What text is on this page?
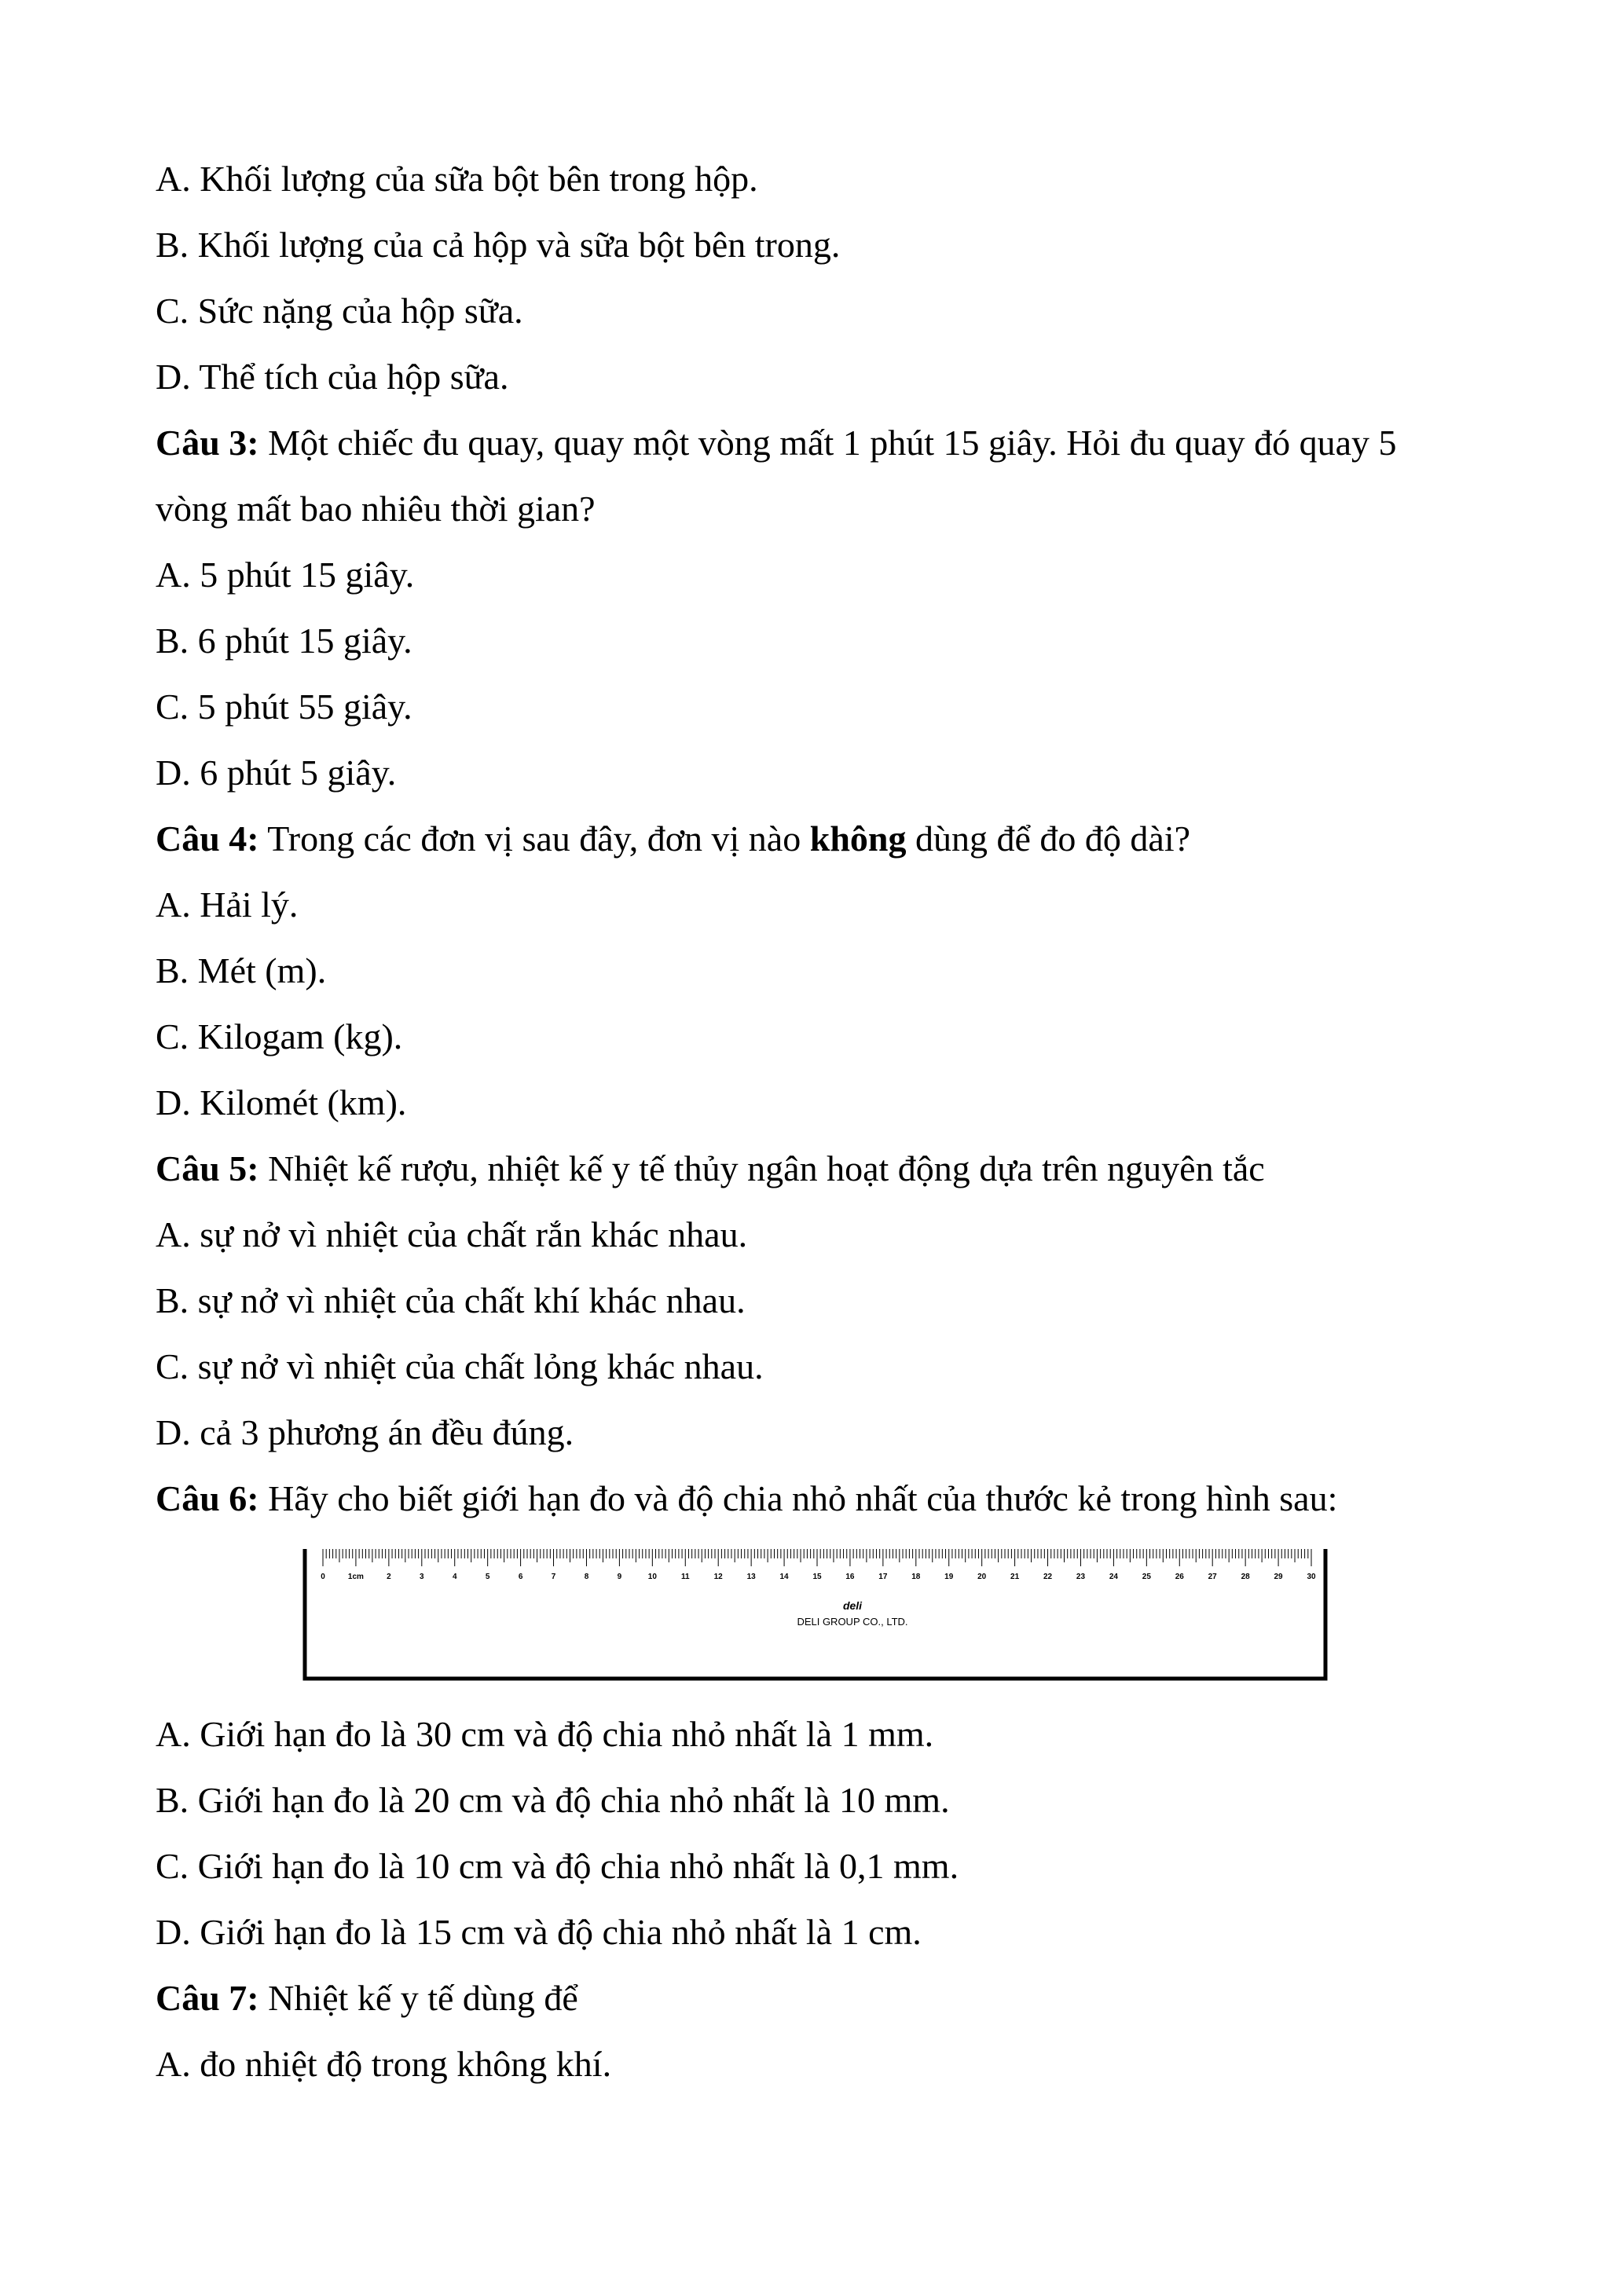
A. Khối lượng của sữa bột bên trong hộp.
B. Khối lượng của cả hộp và sữa bột bên trong.
C. Sức nặng của hộp sữa.
D. Thể tích của hộp sữa.
Câu 3: Một chiếc đu quay, quay một vòng mất 1 phút 15 giây. Hỏi đu quay đó quay 5
vòng mất bao nhiêu thời gian?
A. 5 phút 15 giây.
B. 6 phút 15 giây.
C. 5 phút 55 giây.
D. 6 phút 5 giây.
Câu 4: Trong các đơn vị sau đây, đơn vị nào không dùng để đo độ dài?
A. Hải lý.
B. Mét (m).
C. Kilogam (kg).
D. Kilomét (km).
Câu 5: Nhiệt kế rượu, nhiệt kế y tế thủy ngân hoạt động dựa trên nguyên tắc
A. sự nở vì nhiệt của chất rắn khác nhau.
B. sự nở vì nhiệt của chất khí khác nhau.
C. sự nở vì nhiệt của chất lỏng khác nhau.
D. cả 3 phương án đều đúng.
Câu 6: Hãy cho biết giới hạn đo và độ chia nhỏ nhất của thước kẻ trong hình sau:
0	1cm	2	3	4	5	6	7	8	9	10	11	12	13	14	15	16	17	18	19	20	21	22	23	24	25	26	27	28	29	30
deli
DELI GROUP CO., LTD.
A. Giới hạn đo là 30 cm và độ chia nhỏ nhất là 1 mm.
B. Giới hạn đo là 20 cm và độ chia nhỏ nhất là 10 mm.
C. Giới hạn đo là 10 cm và độ chia nhỏ nhất là 0,1 mm.
D. Giới hạn đo là 15 cm và độ chia nhỏ nhất là 1 cm.
Câu 7: Nhiệt kế y tế dùng để
A. đo nhiệt độ trong không khí.
